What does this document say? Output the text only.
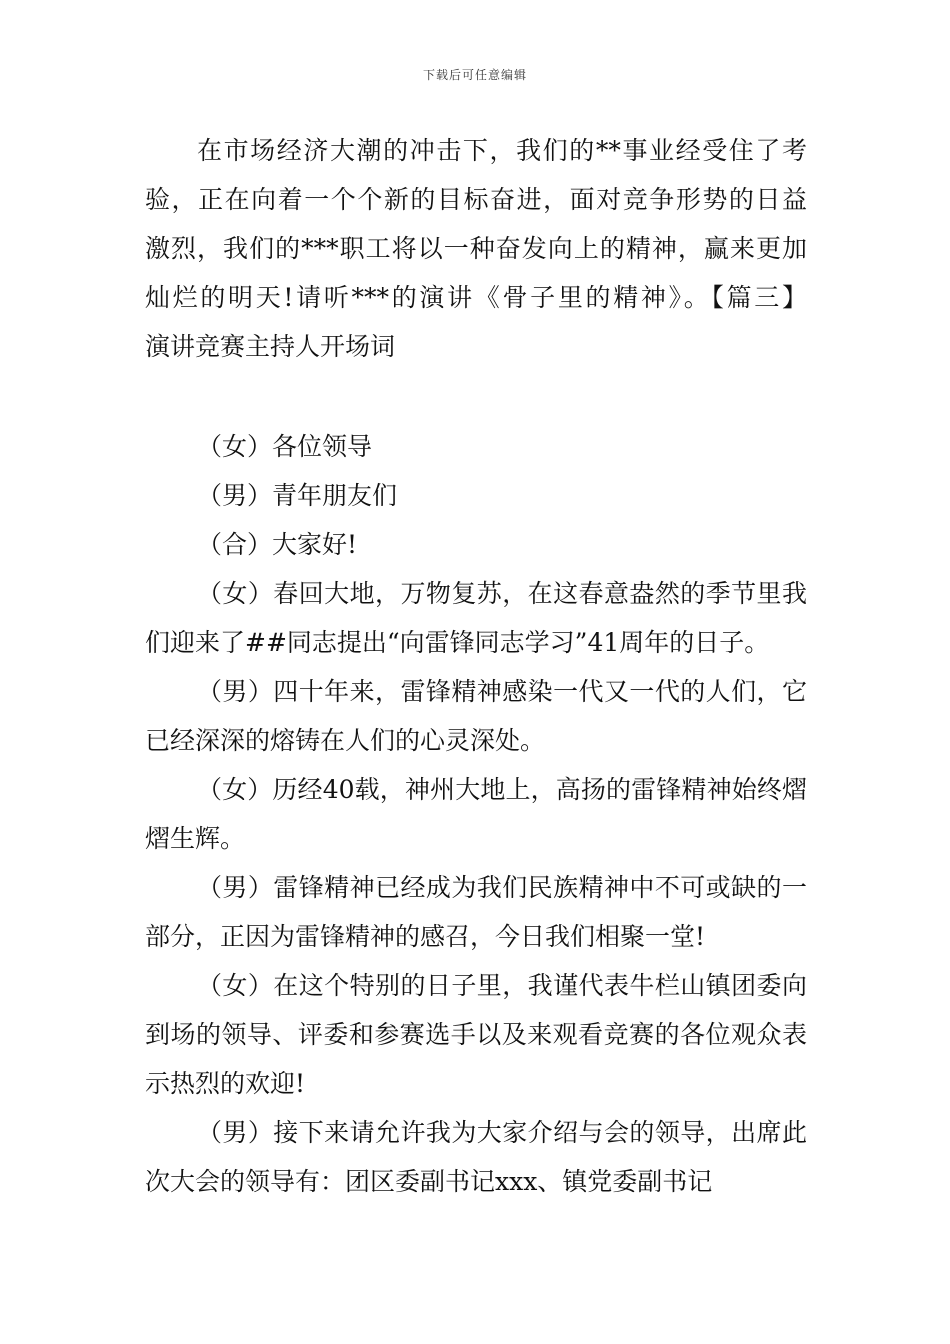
下载后可任意编辑
在市场经济大潮的冲击下，我们的**事业经受住了考
验，正在向着一个个新的目标奋进，面对竞争形势的日益
激烈，我们的***职工将以一种奋发向上的精神，赢来更加
灿烂的明天!请听***的演讲《骨子里的精神》。【篇三】
演讲竞赛主持人开场词

（女）各位领导

（男）青年朋友们

（合）大家好!

（女）春回大地，万物复苏，在这春意盎然的季节里我们迎来了##同志提出“向雷锋同志学习”41周年的日子。

（男）四十年来，雷锋精神感染一代又一代的人们，它已经深深的熔铸在人们的心灵深处。

（女）历经40载，神州大地上，高扬的雷锋精神始终熠熠生辉。

（男）雷锋精神已经成为我们民族精神中不可或缺的一部分，正因为雷锋精神的感召，今日我们相聚一堂!

（女）在这个特别的日子里，我谨代表牛栏山镇团委向到场的领导、评委和参赛选手以及来观看竞赛的各位观众表示热烈的欢迎!

（男）接下来请允许我为大家介绍与会的领导，出席此次大会的领导有：团区委副书记xxx、镇党委副书记
